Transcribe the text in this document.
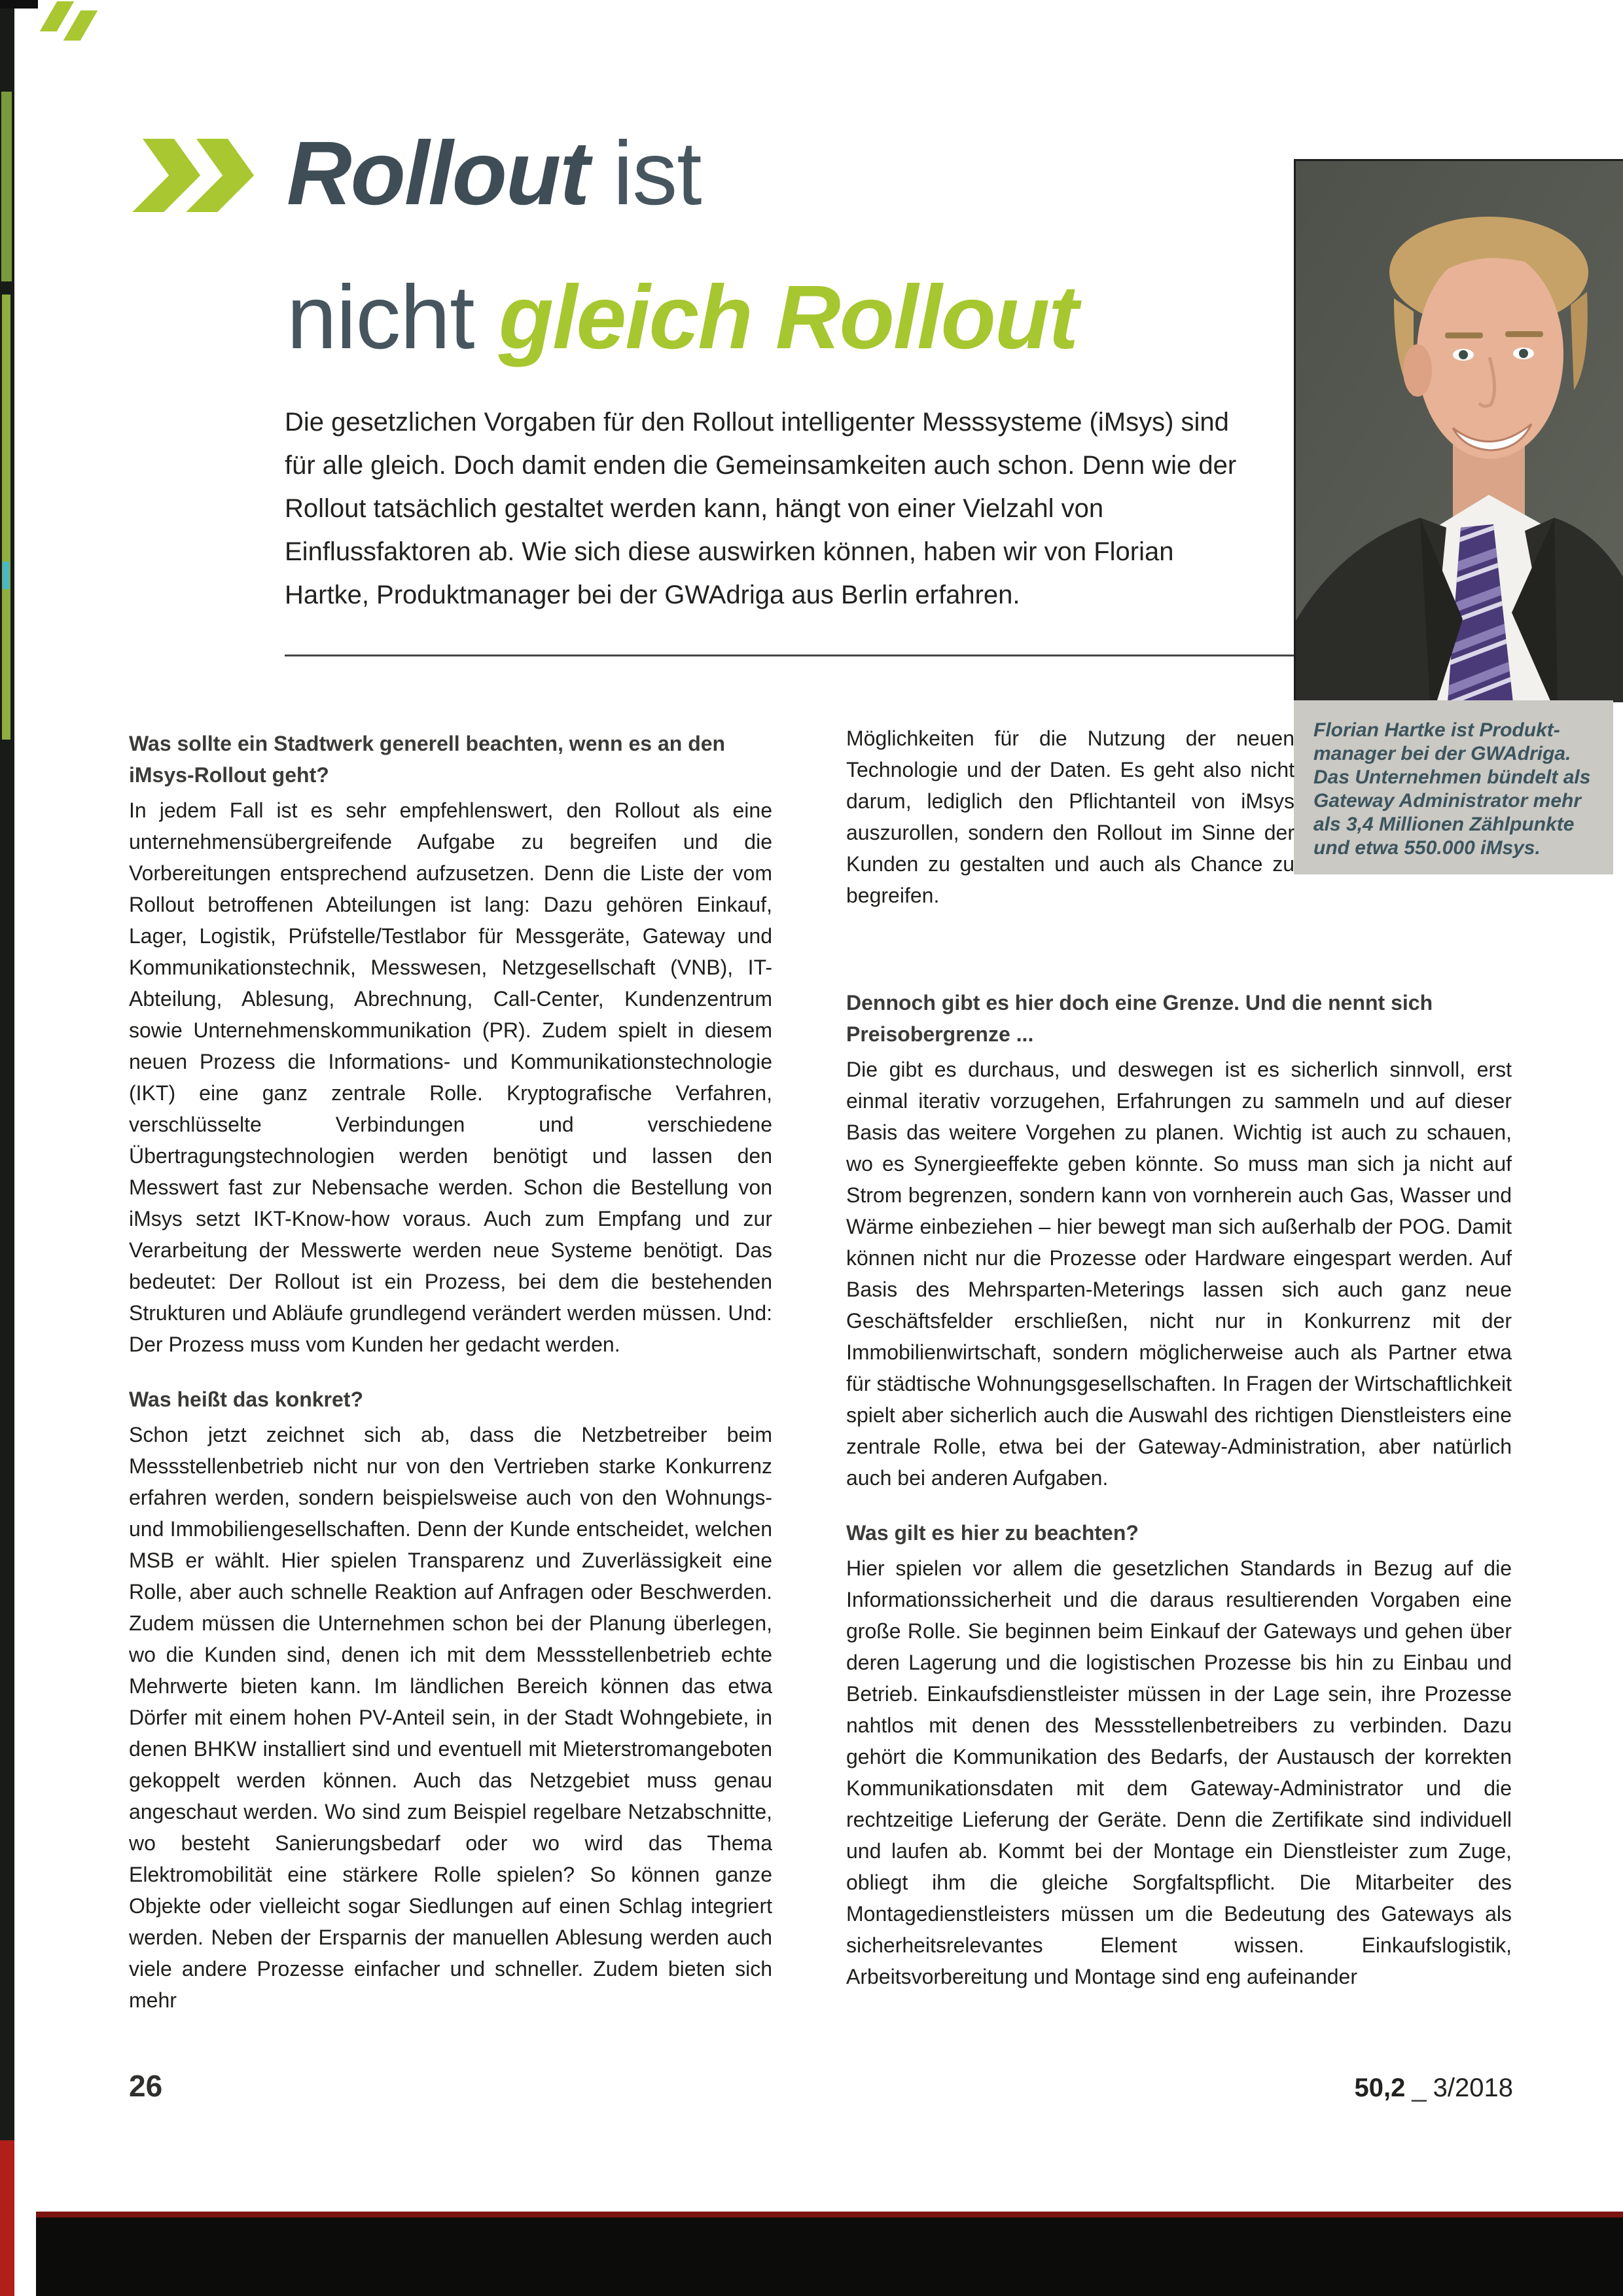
Rollout ist
nicht gleich Rollout
Die gesetzlichen Vorgaben für den Rollout intelligenter Messsysteme (iMsys) sind für alle gleich. Doch damit enden die Gemeinsamkeiten auch schon. Denn wie der Rollout tatsächlich gestaltet werden kann, hängt von einer Vielzahl von Einflussfaktoren ab. Wie sich diese auswirken können, haben wir von Florian Hartke, Produktmanager bei der GWAdriga aus Berlin erfahren.
Florian Hartke ist Produkt-
manager bei der GWAdriga.
Das Unternehmen bündelt als
Gateway Administrator mehr
als 3,4 Millionen Zählpunkte
und etwa 550.000 iMsys.
Was sollte ein Stadtwerk generell beachten, wenn es an den iMsys-Rollout geht?

In jedem Fall ist es sehr empfehlenswert, den Rollout als eine unternehmensübergreifende Aufgabe zu begreifen und die Vorbereitungen entsprechend aufzusetzen. Denn die Liste der vom Rollout betroffenen Abteilungen ist lang: Dazu gehören Einkauf, Lager, Logistik, Prüfstelle/Testlabor für Messgeräte, Gateway und Kommunikationstechnik, Messwesen, Netzgesellschaft (VNB), IT-Abteilung, Ablesung, Abrechnung, Call-Center, Kundenzentrum sowie Unternehmenskommunikation (PR). Zudem spielt in diesem neuen Prozess die Informations- und Kommunikationstechnologie (IKT) eine ganz zentrale Rolle. Kryptografische Verfahren, verschlüsselte Verbindungen und verschiedene Übertragungstechnologien werden benötigt und lassen den Messwert fast zur Nebensache werden. Schon die Bestellung von iMsys setzt IKT-Know-how voraus. Auch zum Empfang und zur Verarbeitung der Messwerte werden neue Systeme benötigt. Das bedeutet: Der Rollout ist ein Prozess, bei dem die bestehenden Strukturen und Abläufe grundlegend verändert werden müssen. Und: Der Prozess muss vom Kunden her gedacht werden.

Was heißt das konkret?

Schon jetzt zeichnet sich ab, dass die Netzbetreiber beim Messstellenbetrieb nicht nur von den Vertrieben starke Konkurrenz erfahren werden, sondern beispielsweise auch von den Wohnungs- und Immobiliengesellschaften. Denn der Kunde entscheidet, welchen MSB er wählt. Hier spielen Transparenz und Zuverlässigkeit eine Rolle, aber auch schnelle Reaktion auf Anfragen oder Beschwerden. Zudem müssen die Unternehmen schon bei der Planung überlegen, wo die Kunden sind, denen ich mit dem Messstellenbetrieb echte Mehrwerte bieten kann. Im ländlichen Bereich können das etwa Dörfer mit einem hohen PV-Anteil sein, in der Stadt Wohngebiete, in denen BHKW installiert sind und eventuell mit Mieterstromangeboten gekoppelt werden können. Auch das Netzgebiet muss genau angeschaut werden. Wo sind zum Beispiel regelbare Netzabschnitte, wo besteht Sanierungsbedarf oder wo wird das Thema Elektromobilität eine stärkere Rolle spielen? So können ganze Objekte oder vielleicht sogar Siedlungen auf einen Schlag integriert werden. Neben der Ersparnis der manuellen Ablesung werden auch viele andere Prozesse einfacher und schneller. Zudem bieten sich mehr

Möglichkeiten für die Nutzung der neuen Technologie und der Daten. Es geht also nicht darum, lediglich den Pflichtanteil von iMsys auszurollen, sondern den Rollout im Sinne der Kunden zu gestalten und auch als Chance zu begreifen.

Dennoch gibt es hier doch eine Grenze. Und die nennt sich Preisobergrenze ...

Die gibt es durchaus, und deswegen ist es sicherlich sinnvoll, erst einmal iterativ vorzugehen, Erfahrungen zu sammeln und auf dieser Basis das weitere Vorgehen zu planen. Wichtig ist auch zu schauen, wo es Synergieeffekte geben könnte. So muss man sich ja nicht auf Strom begrenzen, sondern kann von vornherein auch Gas, Wasser und Wärme einbeziehen – hier bewegt man sich außerhalb der POG. Damit können nicht nur die Prozesse oder Hardware eingespart werden. Auf Basis des Mehrsparten-Meterings lassen sich auch ganz neue Geschäftsfelder erschließen, nicht nur in Konkurrenz mit der Immobilienwirtschaft, sondern möglicherweise auch als Partner etwa für städtische Wohnungsgesellschaften. In Fragen der Wirtschaftlichkeit spielt aber sicherlich auch die Auswahl des richtigen Dienstleisters eine zentrale Rolle, etwa bei der Gateway-Administration, aber natürlich auch bei anderen Aufgaben.

Was gilt es hier zu beachten?

Hier spielen vor allem die gesetzlichen Standards in Bezug auf die Informationssicherheit und die daraus resultierenden Vorgaben eine große Rolle. Sie beginnen beim Einkauf der Gateways und gehen über deren Lagerung und die logistischen Prozesse bis hin zu Einbau und Betrieb. Einkaufsdienstleister müssen in der Lage sein, ihre Prozesse nahtlos mit denen des Messstellenbetreibers zu verbinden. Dazu gehört die Kommunikation des Bedarfs, der Austausch der korrekten Kommunikationsdaten mit dem Gateway-Administrator und die rechtzeitige Lieferung der Geräte. Denn die Zertifikate sind individuell und laufen ab. Kommt bei der Montage ein Dienstleister zum Zuge, obliegt ihm die gleiche Sorgfaltspflicht. Die Mitarbeiter des Montagedienstleisters müssen um die Bedeutung des Gateways als sicherheitsrelevantes Element wissen. Einkaufslogistik, Arbeitsvorbereitung und Montage sind eng aufeinander

26	50,2 _ 3/2018
